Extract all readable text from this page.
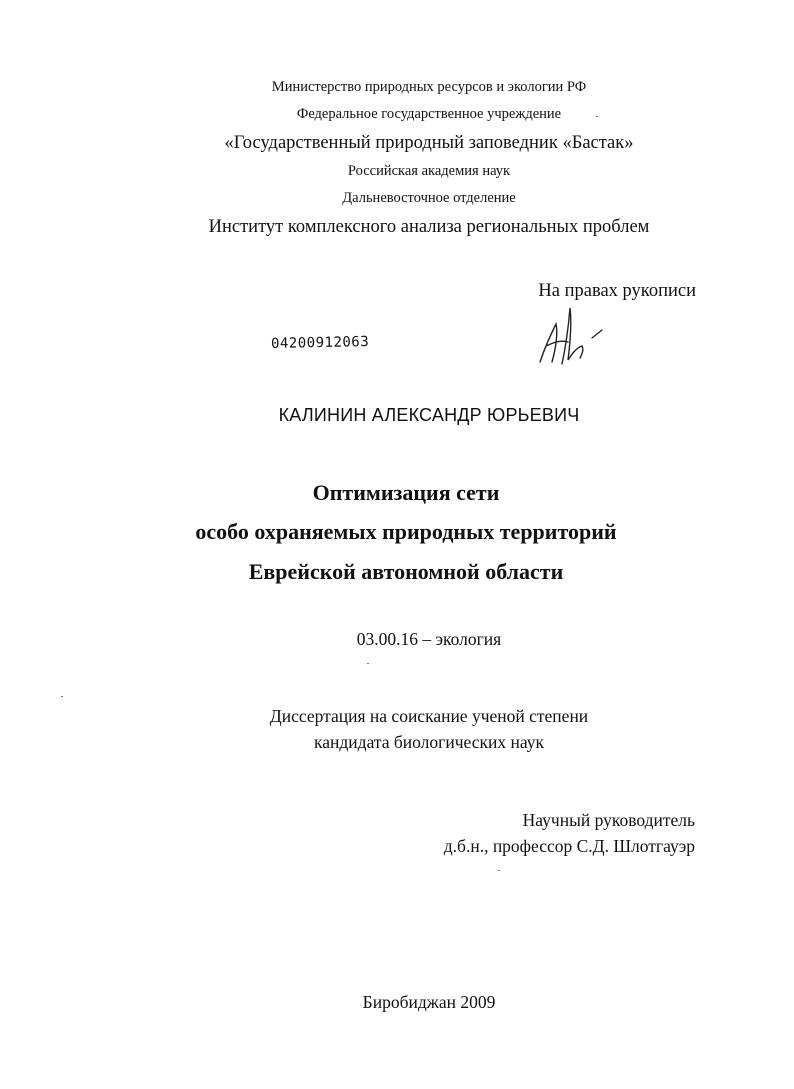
Министерство природных ресурсов и экологии РФ
Федеральное государственное учреждение
«Государственный природный заповедник «Бастак»
Российская академия наук
Дальневосточное отделение
Институт комплексного анализа региональных проблем
На правах рукописи
04200912063
КАЛИНИН АЛЕКСАНДР ЮРЬЕВИЧ
Оптимизация сети
особо охраняемых природных территорий
Еврейской автономной области
03.00.16 – экология
Диссертация на соискание ученой степени
кандидата биологических наук
Научный руководитель
д.б.н., профессор С.Д. Шлотгауэр
Биробиджан 2009
